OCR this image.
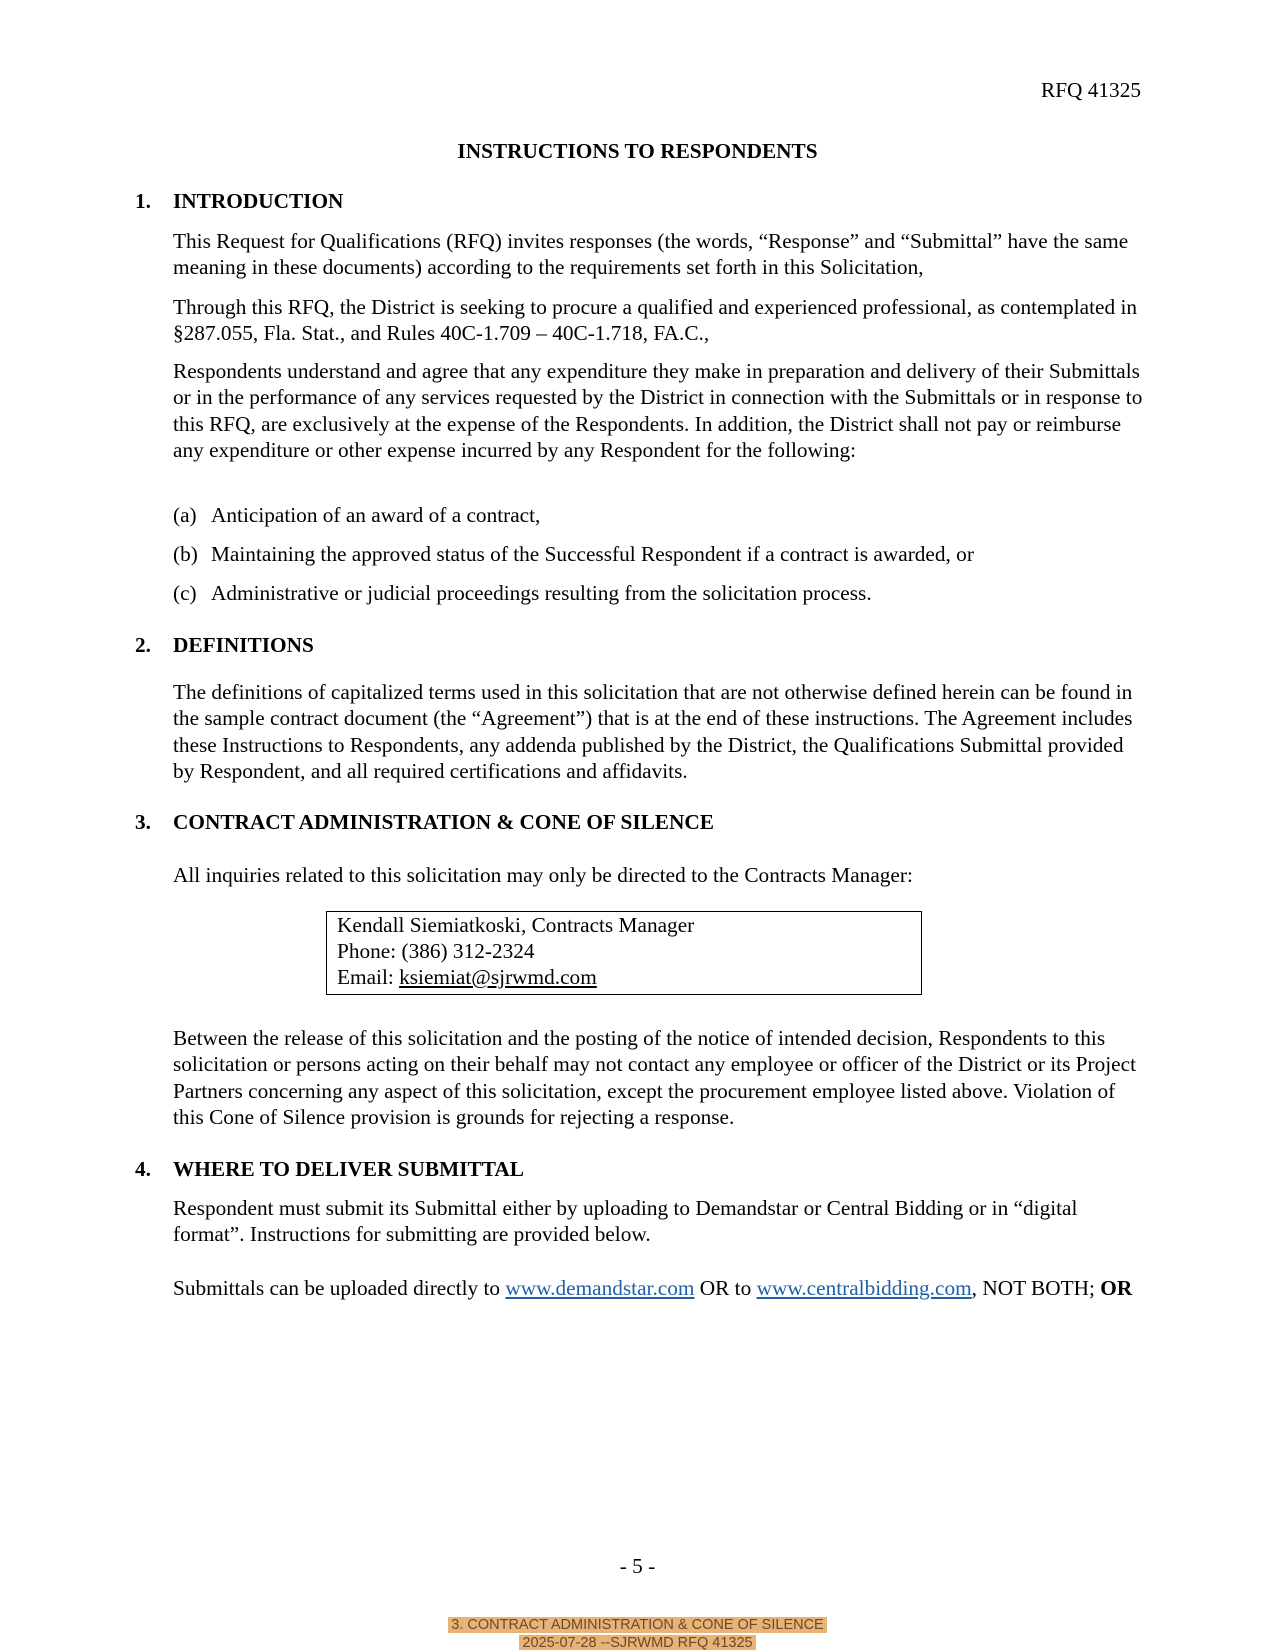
RFQ 41325
INSTRUCTIONS TO RESPONDENTS
1. INTRODUCTION

This Request for Qualifications (RFQ) invites responses (the words, “Response” and “Submittal” have the same meaning in these documents) according to the requirements set forth in this Solicitation,

Through this RFQ, the District is seeking to procure a qualified and experienced professional, as contemplated in §287.055, Fla. Stat., and Rules 40C-1.709 – 40C-1.718, FA.C.,

Respondents understand and agree that any expenditure they make in preparation and delivery of their Submittals or in the performance of any services requested by the District in connection with the Submittals or in response to this RFQ, are exclusively at the expense of the Respondents. In addition, the District shall not pay or reimburse any expenditure or other expense incurred by any Respondent for the following:

(a) Anticipation of an award of a contract,
(b) Maintaining the approved status of the Successful Respondent if a contract is awarded, or
(c) Administrative or judicial proceedings resulting from the solicitation process.
2. DEFINITIONS

The definitions of capitalized terms used in this solicitation that are not otherwise defined herein can be found in the sample contract document (the “Agreement”) that is at the end of these instructions. The Agreement includes these Instructions to Respondents, any addenda published by the District, the Qualifications Submittal provided by Respondent, and all required certifications and affidavits.

3. CONTRACT ADMINISTRATION & CONE OF SILENCE

All inquiries related to this solicitation may only be directed to the Contracts Manager:

Kendall Siemiatkoski, Contracts Manager
Phone: (386) 312-2324
Email: ksiemiat@sjrwmd.com

Between the release of this solicitation and the posting of the notice of intended decision, Respondents to this solicitation or persons acting on their behalf may not contact any employee or officer of the District or its Project Partners concerning any aspect of this solicitation, except the procurement employee listed above. Violation of this Cone of Silence provision is grounds for rejecting a response.

4. WHERE TO DELIVER SUBMITTAL

Respondent must submit its Submittal either by uploading to Demandstar or Central Bidding or in “digital format”. Instructions for submitting are provided below.

Submittals can be uploaded directly to www.demandstar.com OR to www.centralbidding.com, NOT BOTH; OR

- 5 -
3. CONTRACT ADMINISTRATION & CONE OF SILENCE
2025-07-28 --SJRWMD RFQ 41325
